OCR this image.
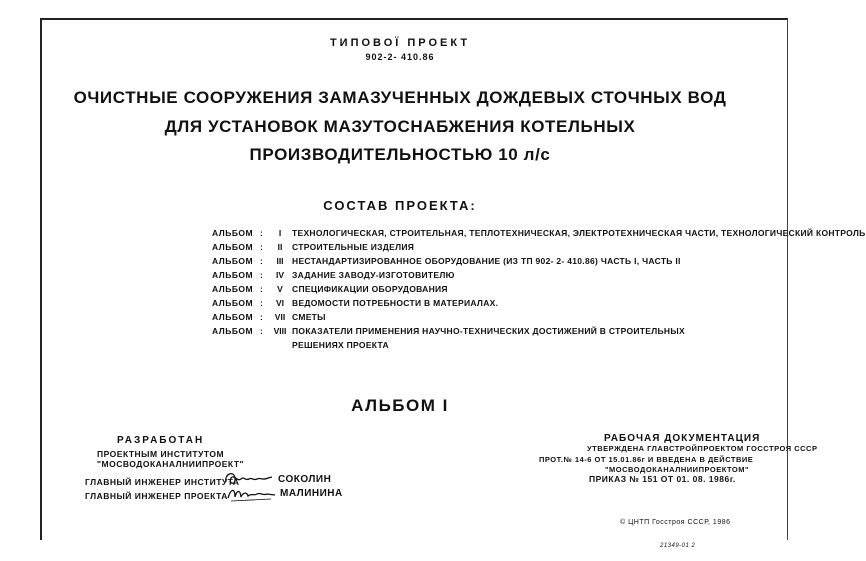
ТИПОВОЇ ПРОЕКТ
902-2- 410.86
ОЧИСТНЫЕ СООРУЖЕНИЯ ЗАМАЗУЧЕННЫХ ДОЖДЕВЫХ СТОЧНЫХ ВОД
ДЛЯ УСТАНОВОК МАЗУТОСНАБЖЕНИЯ КОТЕЛЬНЫХ
ПРОИЗВОДИТЕЛЬНОСТЬЮ 10 л/с
СОСТАВ ПРОЕКТА:
АЛЬБОМ :	I	ТЕХНОЛОГИЧЕСКАЯ, СТРОИТЕЛЬНАЯ, ТЕПЛОТЕХНИЧЕСКАЯ, ЭЛЕКТРОТЕХНИЧЕСКАЯ ЧАСТИ, ТЕХНОЛОГИЧЕСКИЙ КОНТРОЛЬ
АЛЬБОМ :	II	СТРОИТЕЛЬНЫЕ ИЗДЕЛИЯ
АЛЬБОМ :	III НЕСТАНДАРТИЗИРОВАННОЕ ОБОРУДОВАНИЕ (ИЗ ТП 902- 2- 410.86) ЧАСТЬ I, ЧАСТЬ II
АЛЬБОМ :	IV ЗАДАНИЕ ЗАВОДУ-ИЗГОТОВИТЕЛЮ
АЛЬБОМ :	V	СПЕЦИФИКАЦИИ ОБОРУДОВАНИЯ
АЛЬБОМ :	VI ВЕДОМОСТИ ПОТРЕБНОСТИ В МАТЕРИАЛАХ.
АЛЬБОМ :	VII СМЕТЫ
АЛЬБОМ :	VIII ПОКАЗАТЕЛИ ПРИМЕНЕНИЯ НАУЧНО-ТЕХНИЧЕСКИХ ДОСТИЖЕНИЙ В СТРОИТЕЛЬНЫХ
РЕШЕНИЯХ ПРОЕКТА
АЛЬБОМ I
РАЗРАБОТАН
ПРОЕКТНЫМ ИНСТИТУТОМ
"МОСВОДОКАНАЛНИИПРОЕКТ"
ГЛАВНЫЙ ИНЖЕНЕР ИНСТИТУТА	СОКОЛИН
ГЛАВНЫЙ ИНЖЕНЕР ПРОЕКТА	МАЛИНИНА
РАБОЧАЯ ДОКУМЕНТАЦИЯ
УТВЕРЖДЕНА ГЛАВСТРОЙПРОЕКТОМ ГОССТРОЯ СССР
ПРОТ.№ 14-6 ОТ 15.01.86г И ВВЕДЕНА В ДЕЙСТВИЕ
"МОСВОДОКАНАЛНИИПРОЕКТОМ"
ПРИКАЗ № 151 ОТ 01. 08. 1986г.
© ЦНТП Госстроя СССР, 1986
21349-01 2
